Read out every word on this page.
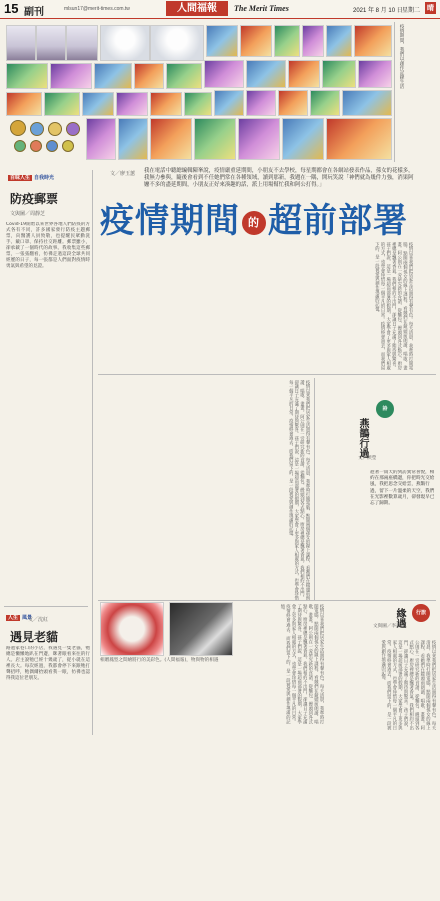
15 副刊	mlsun17@merit-times.com.tw	人間福報	The Merit Times	2021 年 8 月 10 日 星期二 晴
疫情期間，我們以創作記錄生活
百味人生 自我時光
防疫郵票
文與圖／周靜芝
Covid-19開始以來世界各地人們防疫的方式各有不同，許多國家發行防疫主題郵票，向醫護人員致敬，也提醒民眾勤洗手、戴口罩、保持社交距離。郵票雖小，卻承載了一個時代的故事。我收集這些郵票，一張張翻看，彷彿走過這段全球共同經歷的日子，每一張都是人們面對疫情時勇氣與希望的見證。
人生 風景
文／沈紅
遇見老貓
路過家巷口的小店，我遇見一隻老貓，牠總是懶懶地趴在門邊，眯著眼看來往的行人。店主說牠已經十幾歲了，從小就在這裡長大。每次經過，我都會停下來跟牠打聲招呼，牠偶爾抬頭看我一眼，彷彿也認得我這位老朋友。
文／廖玉蕙 我在電話中聽總編輯陳峯說，疫情嚴重延期間，小朋友不去學校，每星期都會在各網站發表作品，孫女的花樣多，我無力參與，隨後會看到不任她們常在各種領域，讀到那新，我題在一隅，開玩笑說「神們就為幾件力強，消果阿嬤不多的盡延期間，小朋友正好來湊趣的話，派上用場幫忙我和阿公打得。」
疫情期間 的 超前部署
疫情以來我們把居家生活過得有聲有色。每天清晨，我準時打開電腦，點開兩個孫女的線上課程，看她們在鏡頭前朗讀、唱歌、畫畫。阿公則在一旁研究新的食譜，從麵包、饅頭到各式點心，廚房裡總是飄著香氣。我們相約不出門，卻讓日子充滿了期待與驚喜。孩子們說，這是一場超前部署的假期，大家學會了更多與家人相處的方式，也學會珍惜每一個平凡的日常。疫情終會過去，而我們留下的，是一段被愛與創作填滿的記憶。
疫情以來我們把居家生活過得有聲有色。每天清晨，我準時打開電腦，點開兩個孫女的線上課程，看她們在鏡頭前朗讀、唱歌、畫畫。阿公則在一旁研究新的食譜，從麵包、饅頭到各式點心，廚房裡總是飄著香氣。我們相約不出門，卻讓日子充滿了期待與驚喜。孩子們說，這是一場超前部署的假期，大家學會了更多與家人相處的方式，也學會珍惜每一個平凡的日常。疫情終會過去，而我們留下的，是一段被愛與創作填滿的記憶。	詩
燕鵲行過
文／淡瑩
趁著一雨天的到訪異常喜悅，相約在那兩座橋邊，你把時光交給風，我把思念交給雲，燕鵲行過，留下一片溫柔的天空，我們在光影裡數算歲月，卻發現早已忘了歸期。
相贈鳳型之間繪將行的美彩色。(人間福報)，物與物的相遇	疫情以來我們把居家生活過得有聲有色。每天清晨，我準時打開電腦，點開兩個孫女的線上課程，看她們在鏡頭前朗讀、唱歌、畫畫。阿公則在一旁研究新的食譜，從麵包、饅頭到各式點心，廚房裡總是飄著香氣。我們相約不出門，卻讓日子充滿了期待與驚喜。孩子們說，這是一場超前部署的假期，大家學會了更多與家人相處的方式，也學會珍惜每一個平凡的日常。疫情終會過去，而我們留下的，是一段被愛與創作填滿的記憶。
行旅
緣遇
文與圖／李燕瑾
疫情以來我們把居家生活過得有聲有色。每天清晨，我準時打開電腦，點開兩個孫女的線上課程，看她們在鏡頭前朗讀、唱歌、畫畫。阿公則在一旁研究新的食譜，從麵包、饅頭到各式點心，廚房裡總是飄著香氣。我們相約不出門，卻讓日子充滿了期待與驚喜。孩子們說，這是一場超前部署的假期，大家學會了更多與家人相處的方式，也學會珍惜每一個平凡的日常。疫情終會過去，而我們留下的，是一段被愛與創作填滿的記憶。
